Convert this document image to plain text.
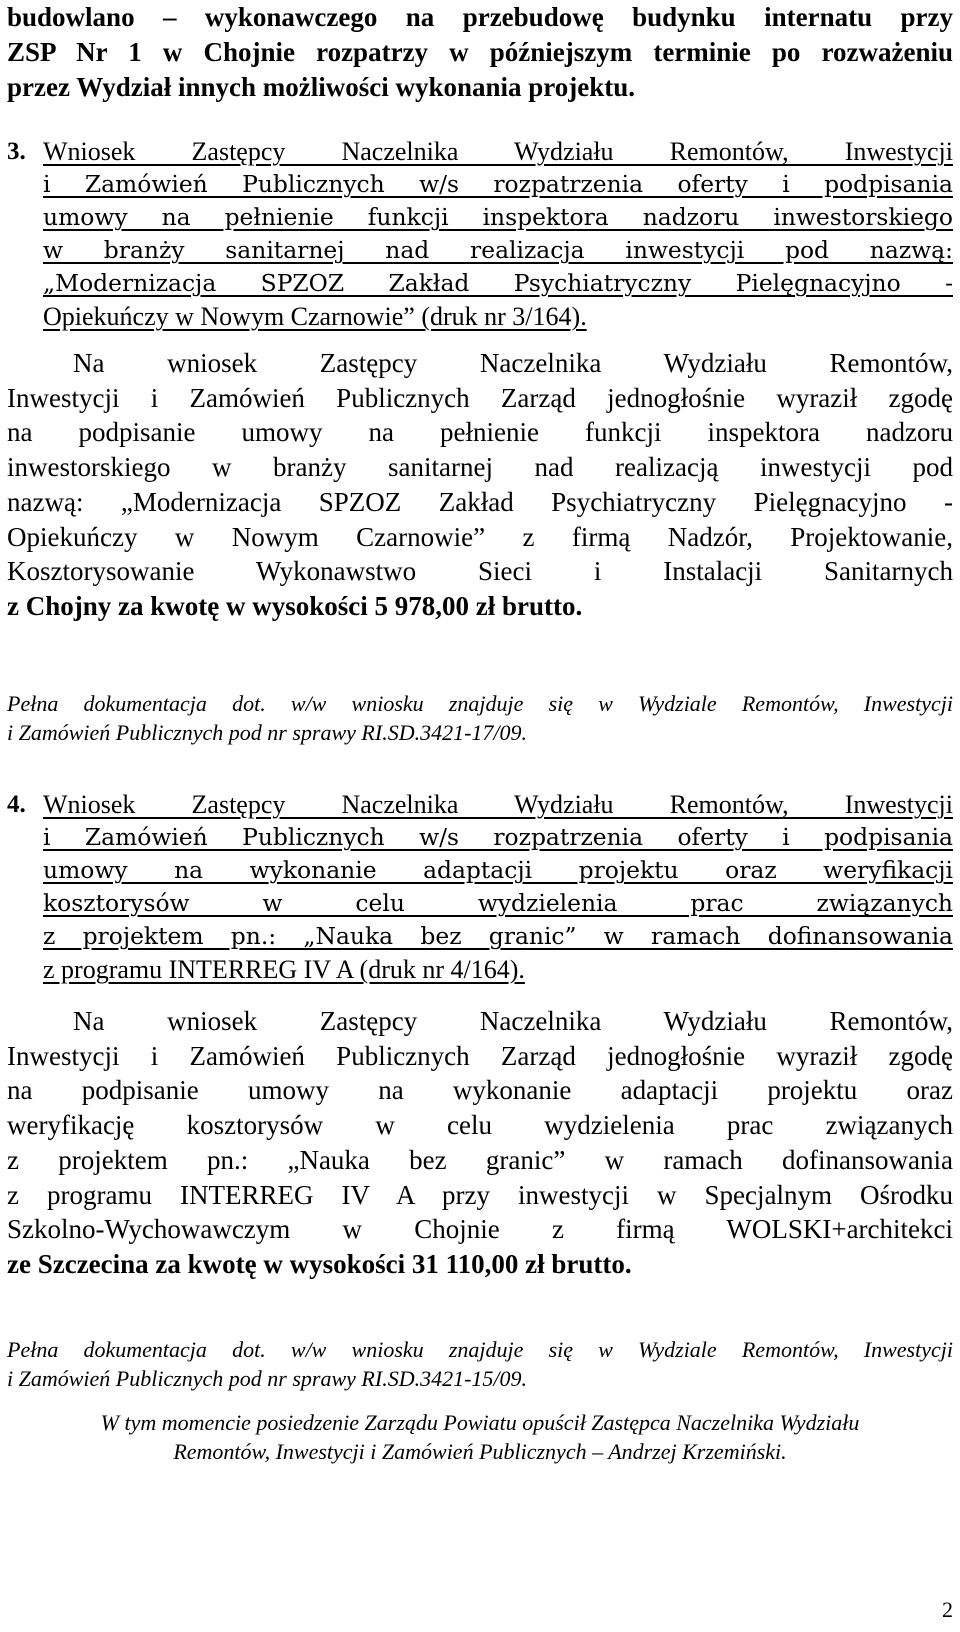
budowlano – wykonawczego na przebudowę budynku internatu przy
ZSP Nr 1 w Chojnie rozpatrzy w późniejszym terminie po rozważeniu
przez Wydział innych możliwości wykonania projektu.
3. Wniosek Zastępcy Naczelnika Wydziału Remontów, Inwestycji
i Zamówień Publicznych w/s rozpatrzenia oferty i podpisania
umowy na pełnienie funkcji inspektora nadzoru inwestorskiego
w branży sanitarnej nad realizacja inwestycji pod nazwą:
„Modernizacja SPZOZ Zakład Psychiatryczny Pielęgnacyjno -
Opiekuńczy w Nowym Czarnowie” (druk nr 3/164).
Na wniosek Zastępcy Naczelnika Wydziału Remontów,
Inwestycji i Zamówień Publicznych Zarząd jednogłośnie wyraził zgodę
na podpisanie umowy na pełnienie funkcji inspektora nadzoru
inwestorskiego w branży sanitarnej nad realizacją inwestycji pod
nazwą: „Modernizacja SPZOZ Zakład Psychiatryczny Pielęgnacyjno -
Opiekuńczy w Nowym Czarnowie” z firmą Nadzór, Projektowanie,
Kosztorysowanie Wykonawstwo Sieci i Instalacji Sanitarnych
z Chojny za kwotę w wysokości 5 978,00 zł brutto.
Pełna dokumentacja dot. w/w wniosku znajduje się w Wydziale Remontów, Inwestycji
i Zamówień Publicznych pod nr sprawy RI.SD.3421-17/09.
4. Wniosek Zastępcy Naczelnika Wydziału Remontów, Inwestycji
i Zamówień Publicznych w/s rozpatrzenia oferty i podpisania
umowy na wykonanie adaptacji projektu oraz weryfikacji
kosztorysów w celu wydzielenia prac związanych
z projektem pn.: „Nauka bez granic” w ramach dofinansowania
z programu INTERREG IV A (druk nr 4/164).
Na wniosek Zastępcy Naczelnika Wydziału Remontów,
Inwestycji i Zamówień Publicznych Zarząd jednogłośnie wyraził zgodę
na podpisanie umowy na wykonanie adaptacji projektu oraz
weryfikację kosztorysów w celu wydzielenia prac związanych
z projektem pn.: „Nauka bez granic” w ramach dofinansowania
z programu INTERREG IV A przy inwestycji w Specjalnym Ośrodku
Szkolno-Wychowawczym w Chojnie z firmą WOLSKI+architekci
ze Szczecina za kwotę w wysokości 31 110,00 zł brutto.
Pełna dokumentacja dot. w/w wniosku znajduje się w Wydziale Remontów, Inwestycji
i Zamówień Publicznych pod nr sprawy RI.SD.3421-15/09.
W tym momencie posiedzenie Zarządu Powiatu opuścił Zastępca Naczelnika Wydziału
Remontów, Inwestycji i Zamówień Publicznych – Andrzej Krzemiński.
2
